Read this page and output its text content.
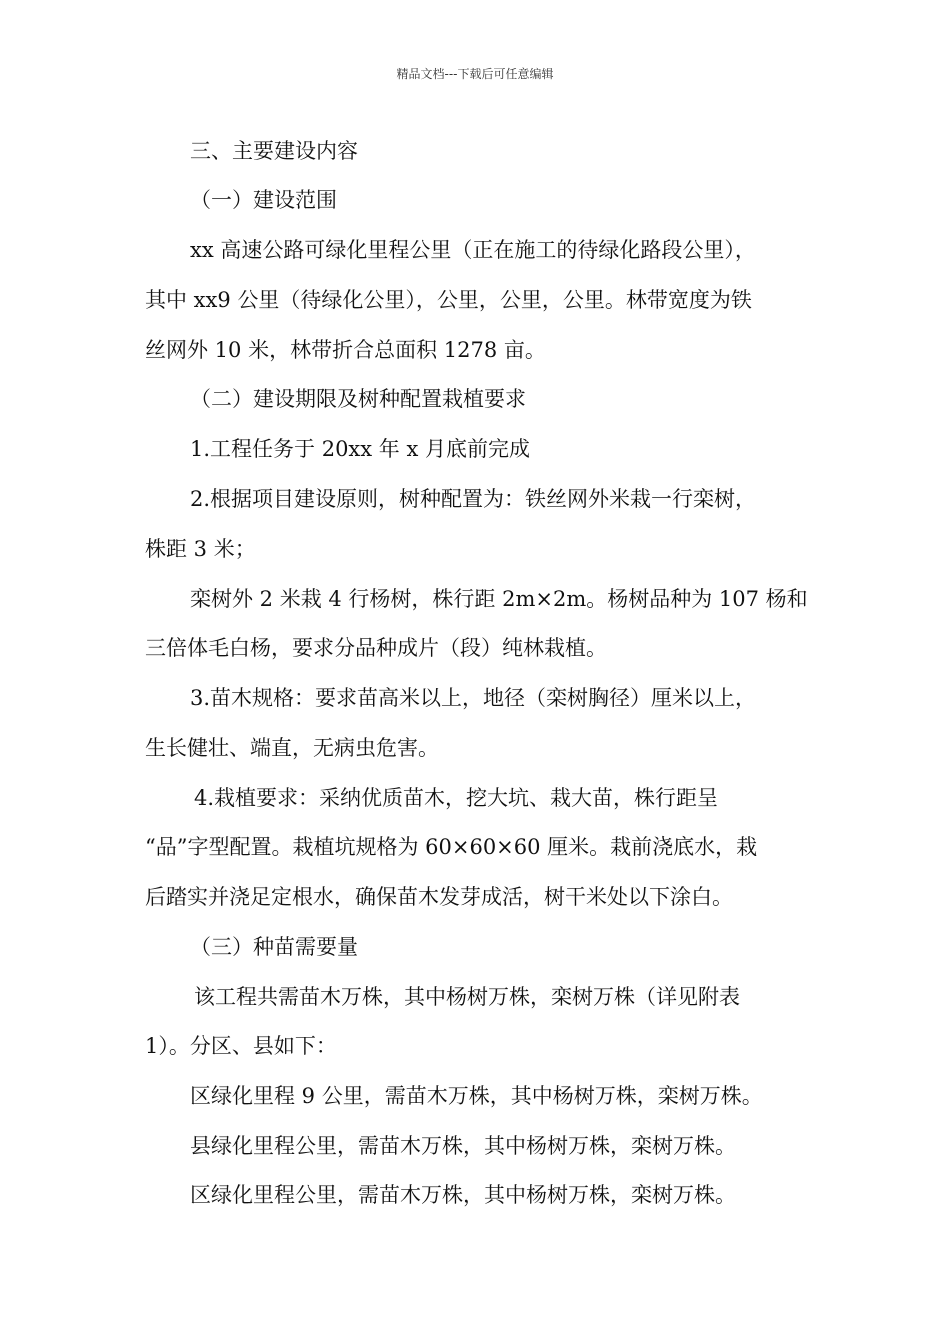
精品文档---下载后可任意编辑
三、主要建设内容
（一）建设范围
xx 高速公路可绿化里程公里（正在施工的待绿化路段公里），
其中 xx9 公里（待绿化公里），公里，公里，公里。林带宽度为铁
丝网外 10 米，林带折合总面积 1278 亩。
（二）建设期限及树种配置栽植要求
1.工程任务于 20xx 年 x 月底前完成
2.根据项目建设原则，树种配置为：铁丝网外米栽一行栾树，
株距 3 米；
栾树外 2 米栽 4 行杨树，株行距 2m×2m。杨树品种为 107 杨和
三倍体毛白杨，要求分品种成片（段）纯林栽植。
3.苗木规格：要求苗高米以上，地径（栾树胸径）厘米以上，
生长健壮、端直，无病虫危害。
4.栽植要求：采纳优质苗木，挖大坑、栽大苗，株行距呈
“品”字型配置。栽植坑规格为 60×60×60 厘米。栽前浇底水，栽
后踏实并浇足定根水，确保苗木发芽成活，树干米处以下涂白。
（三）种苗需要量
该工程共需苗木万株，其中杨树万株，栾树万株（详见附表
1）。分区、县如下：
区绿化里程 9 公里，需苗木万株，其中杨树万株，栾树万株。
县绿化里程公里，需苗木万株，其中杨树万株，栾树万株。
区绿化里程公里，需苗木万株，其中杨树万株，栾树万株。
